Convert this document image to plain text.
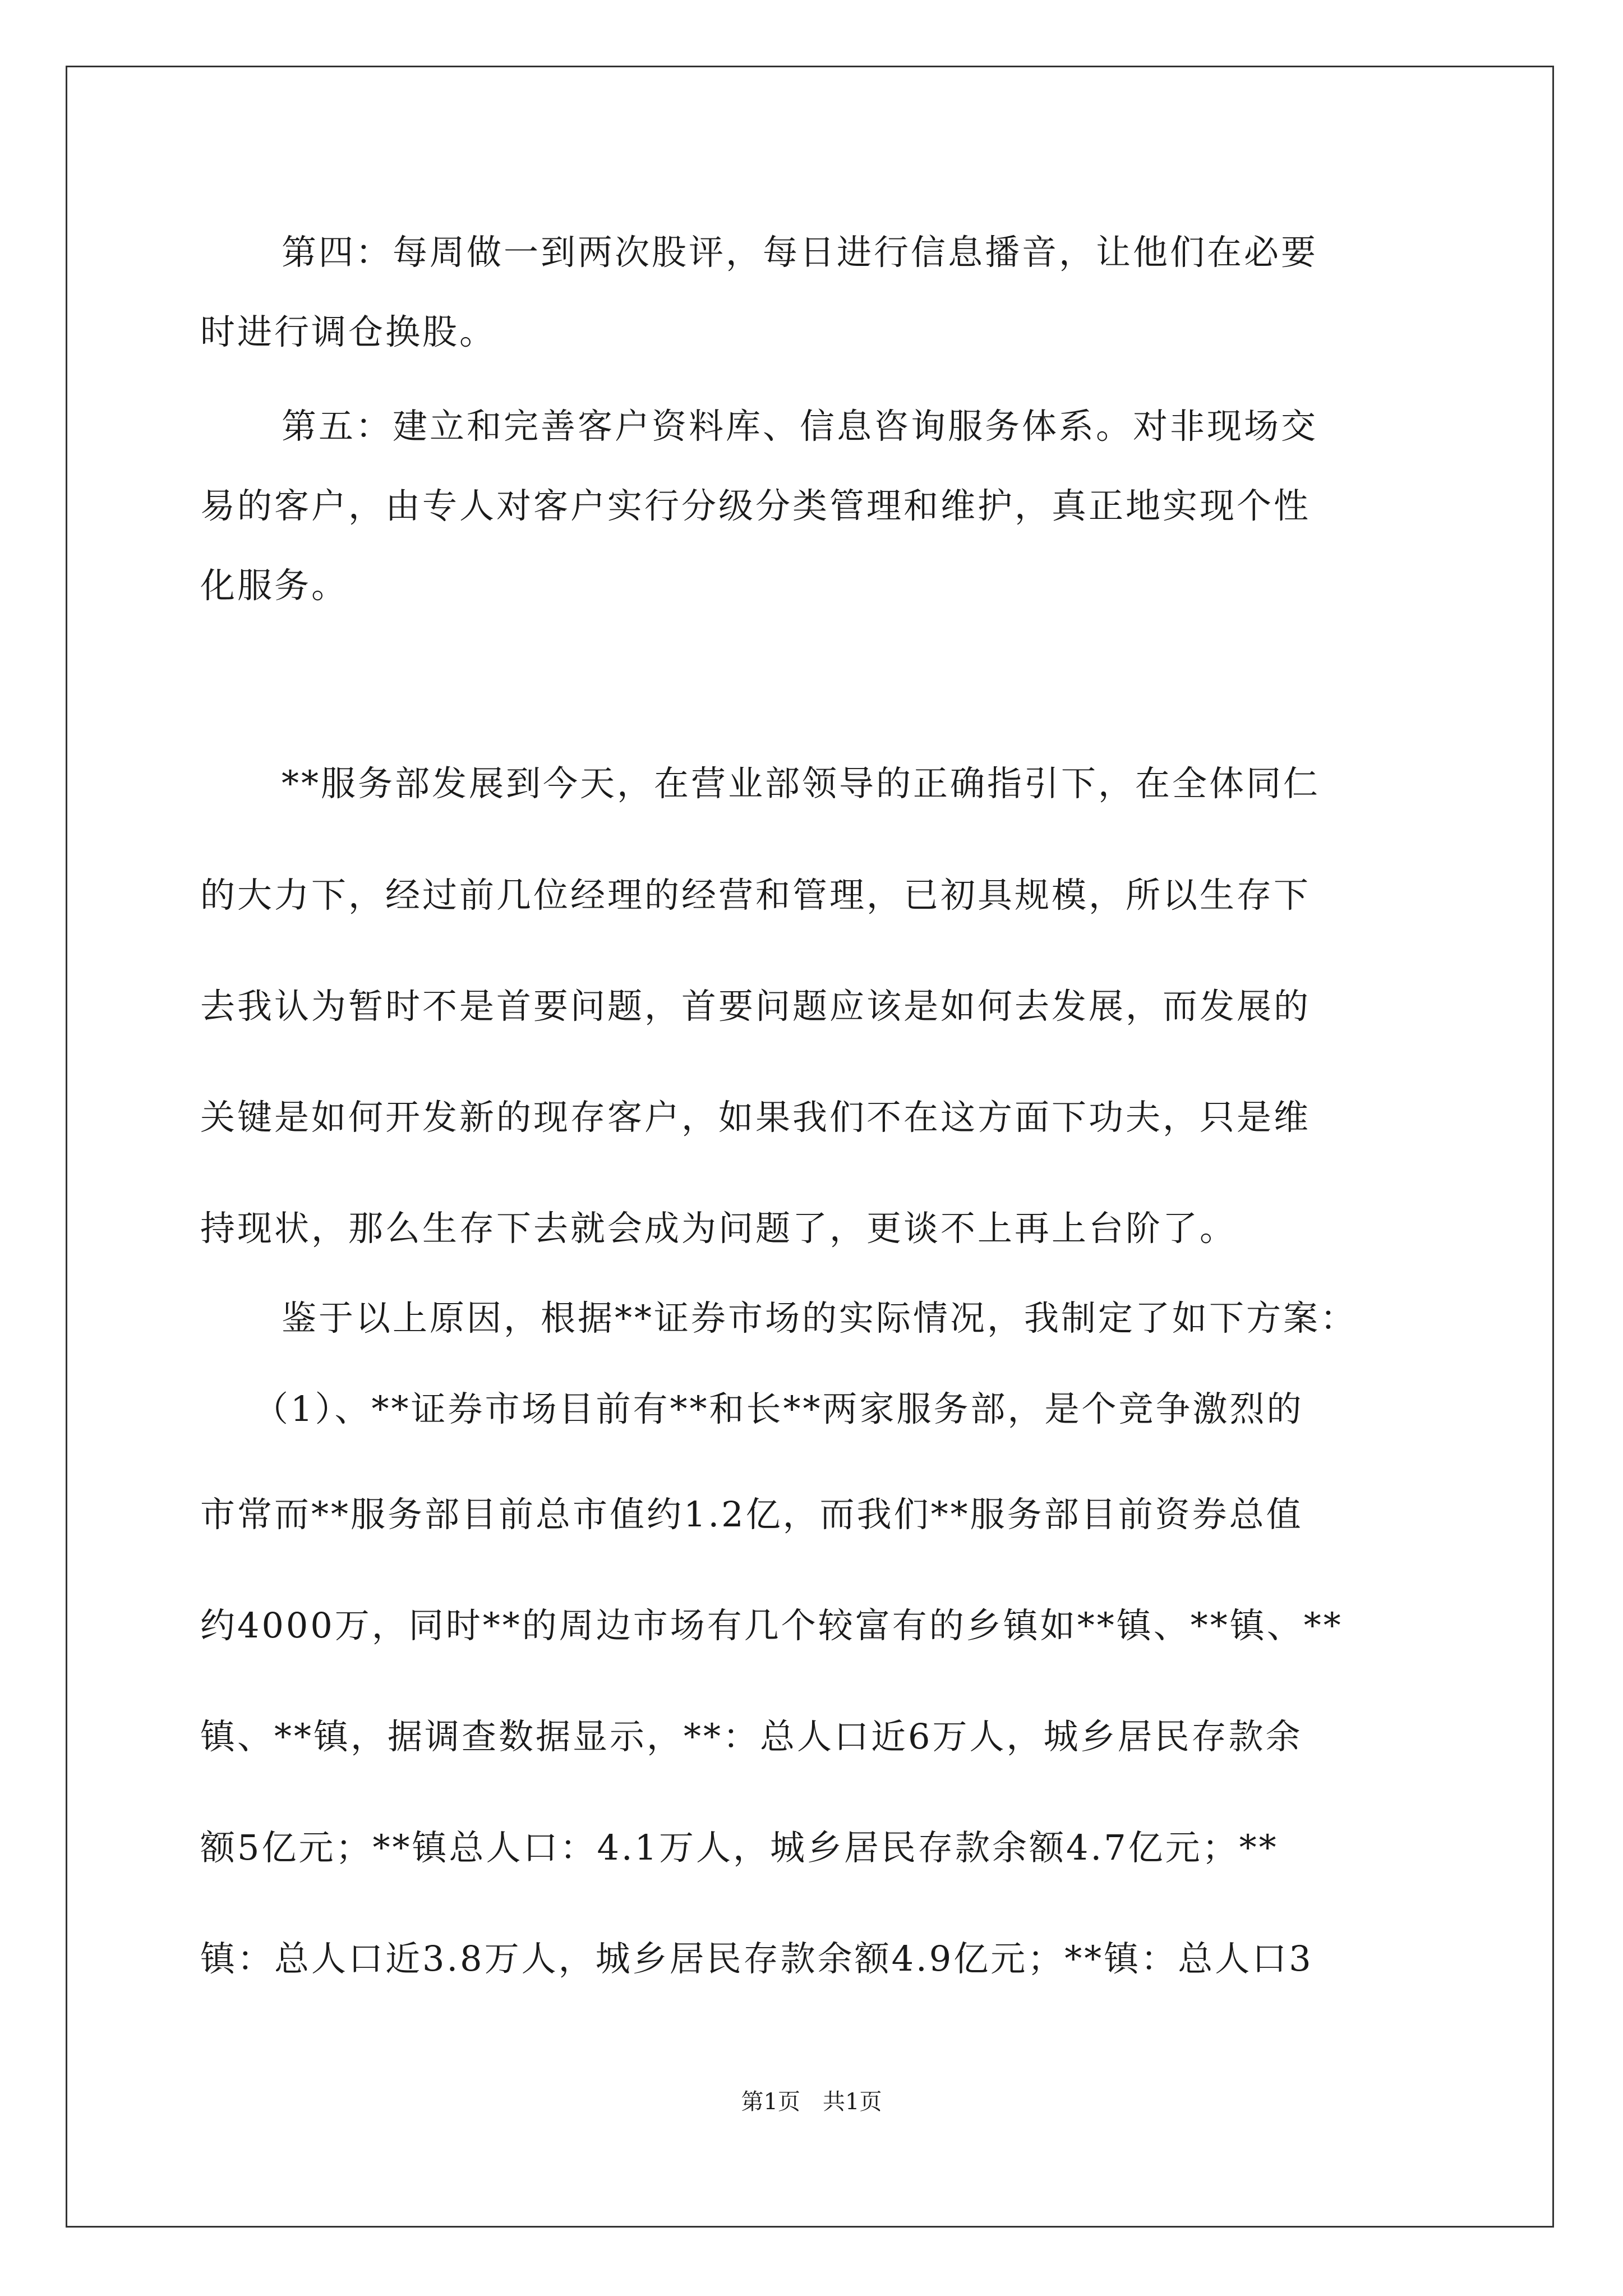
第四：每周做一到两次股评，每日进行信息播音，让他们在必要
时进行调仓换股。
第五：建立和完善客户资料库、信息咨询服务体系。对非现场交
易的客户，由专人对客户实行分级分类管理和维护，真正地实现个性
化服务。
**服务部发展到今天，在营业部领导的正确指引下，在全体同仁
的大力下，经过前几位经理的经营和管理，已初具规模，所以生存下
去我认为暂时不是首要问题，首要问题应该是如何去发展，而发展的
关键是如何开发新的现存客户，如果我们不在这方面下功夫，只是维
持现状，那么生存下去就会成为问题了，更谈不上再上台阶了。
鉴于以上原因，根据**证券市场的实际情况，我制定了如下方案：
（1）、**证券市场目前有**和长**两家服务部，是个竞争激烈的
市常而**服务部目前总市值约1.2亿，而我们**服务部目前资券总值
约4000万，同时**的周边市场有几个较富有的乡镇如**镇、**镇、**
镇、**镇，据调查数据显示，**：总人口近6万人，城乡居民存款余
额5亿元；**镇总人口：4.1万人，城乡居民存款余额4.7亿元；**
镇：总人口近3.8万人，城乡居民存款余额4.9亿元；**镇：总人口3
第1页　共1页
